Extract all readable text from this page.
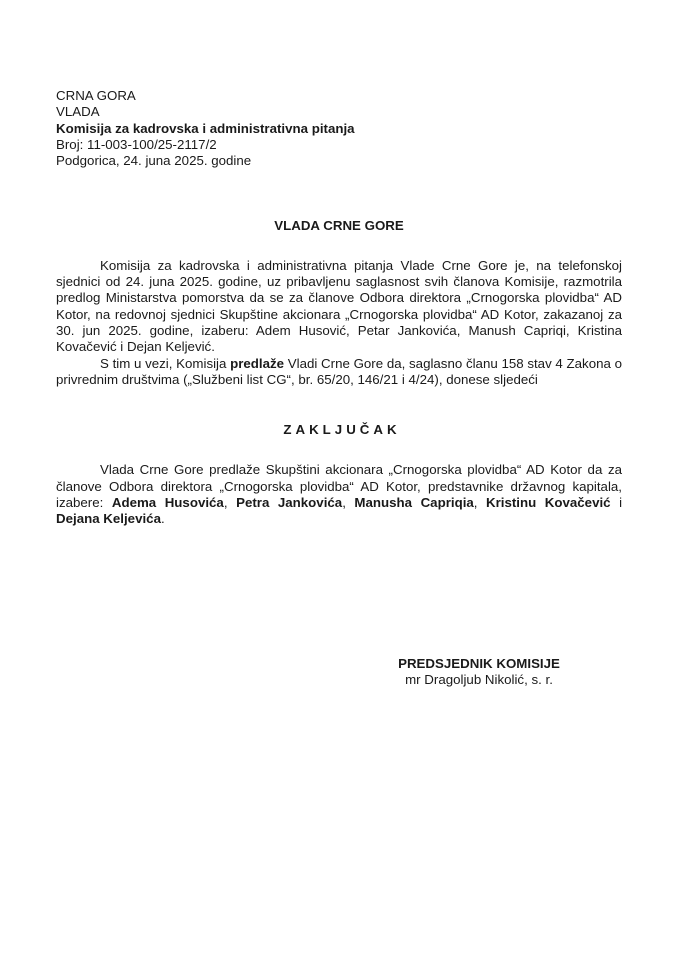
CRNA GORA
VLADA
Komisija za kadrovska i administrativna pitanja
Broj: 11-003-100/25-2117/2
Podgorica, 24. juna 2025. godine
VLADA CRNE GORE

Komisija za kadrovska i administrativna pitanja Vlade Crne Gore je, na telefonskoj sjednici od 24. juna 2025. godine, uz pribavljenu saglasnost svih članova Komisije, razmotrila predlog Ministarstva pomorstva da se za članove Odbora direktora „Crnogorska plovidba“ AD Kotor, na redovnoj sjednici Skupštine akcionara „Crnogorska plovidba“ AD Kotor, zakazanoj za 30. jun 2025. godine, izaberu: Adem Husović, Petar Jankovića, Manush Capriqi, Kristina Kovačević i Dejan Keljević.

S tim u vezi, Komisija predlaže Vladi Crne Gore da, saglasno članu 158 stav 4 Zakona o privrednim društvima („Službeni list CG“, br. 65/20, 146/21 i 4/24), donese sljedeći

ZAKLJUČAK

Vlada Crne Gore predlaže Skupštini akcionara „Crnogorska plovidba“ AD Kotor da za članove Odbora direktora „Crnogorska plovidba“ AD Kotor, predstavnike državnog kapitala, izabere: Adema Husovića, Petra Jankovića, Manusha Capriqia, Kristinu Kovačević i Dejana Keljevića.

PREDSJEDNIK KOMISIJE
mr Dragoljub Nikolić, s. r.
